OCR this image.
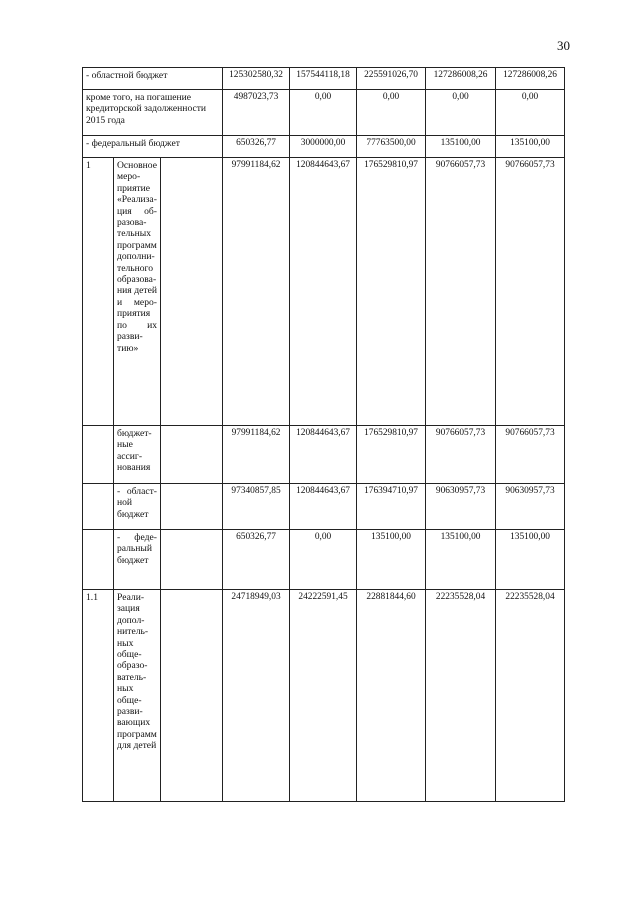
30
- областной бюджет			125302580,32	157544118,18	225591026,70	127286008,26	127286008,26
кроме того, на погашение кредиторской задолженности 2015 года			4987023,73	0,00	0,00	0,00	0,00
- федеральный бюджет			650326,77	3000000,00	77763500,00	135100,00	135100,00
1	Основное мероприятие «Реализация образовательных программ дополнительного образования детей и мероприятия по их развитию»		97991184,62	120844643,67	176529810,97	90766057,73	90766057,73
	бюджетные ассигнования		97991184,62	120844643,67	176529810,97	90766057,73	90766057,73
	- областной бюджет		97340857,85	120844643,67	176394710,97	90630957,73	90630957,73
	- федеральный бюджет		650326,77	0,00	135100,00	135100,00	135100,00
1.1	Реализация дополнительных общеобразовательных общеразвивающих программ для детей		24718949,03	24222591,45	22881844,60	22235528,04	22235528,04
